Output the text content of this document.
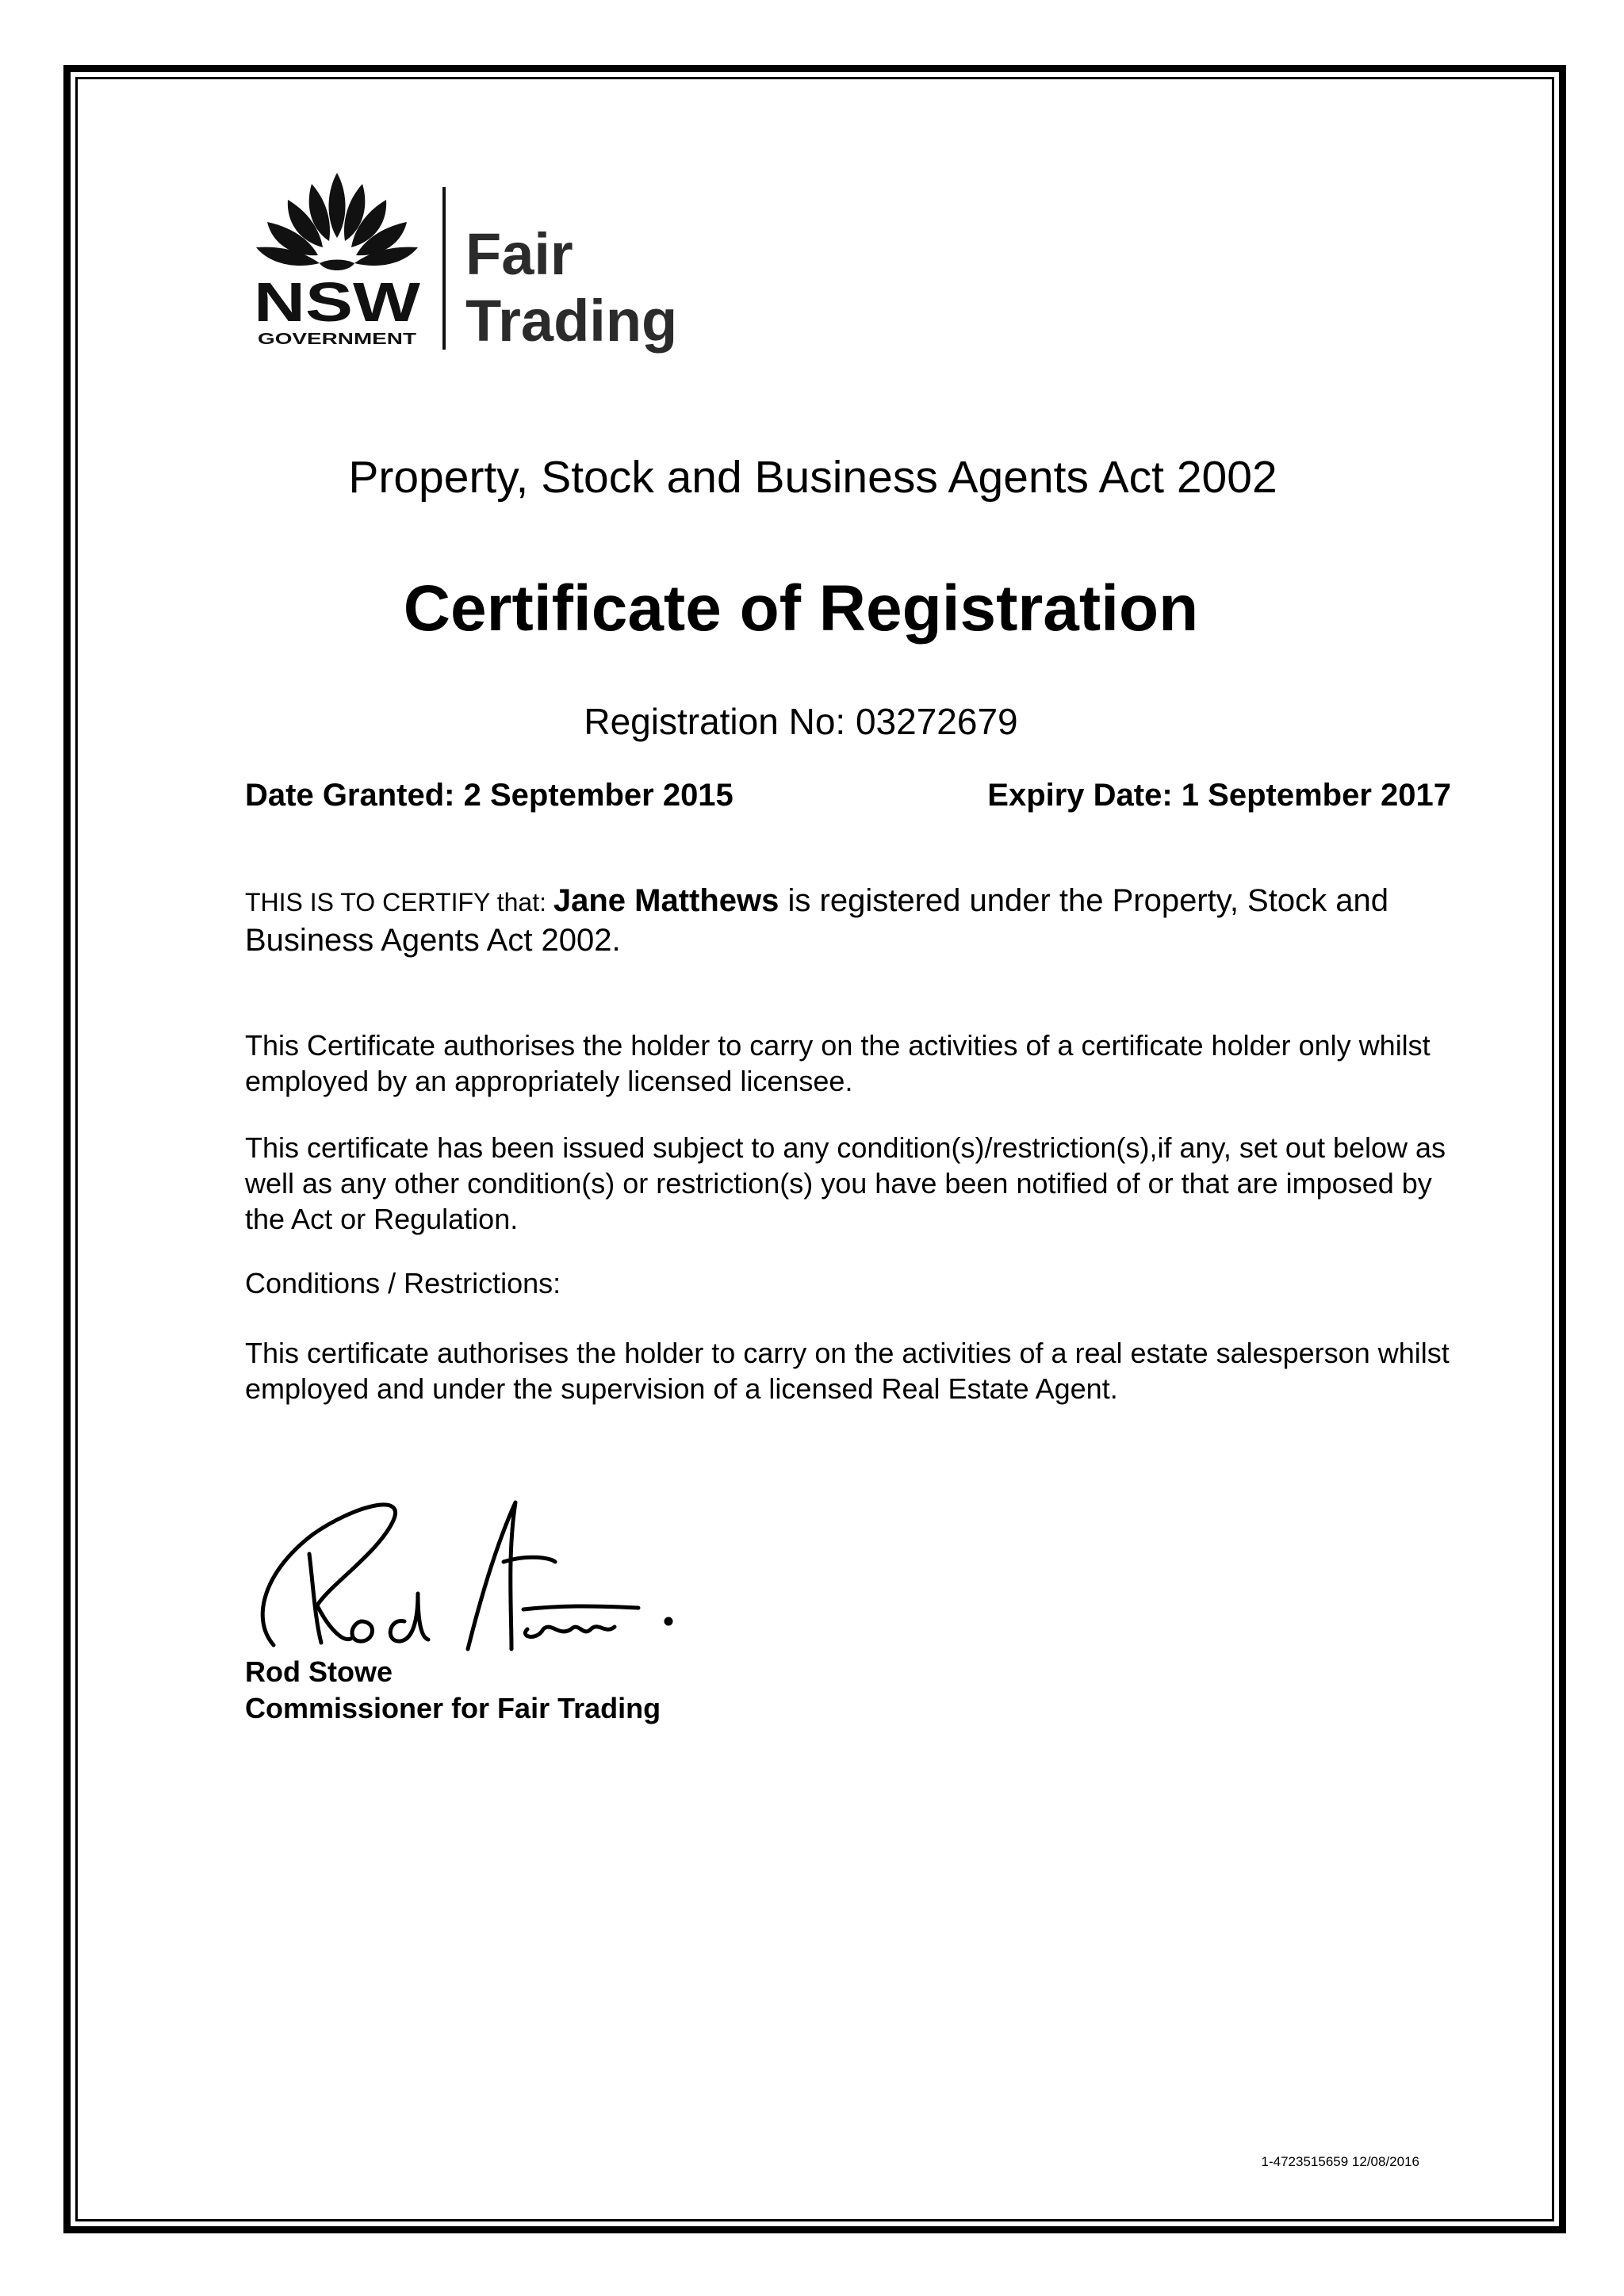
NSW
GOVERNMENT
Fair
Trading
Property, Stock and Business Agents Act 2002
Certificate of Registration
Registration No: 03272679
Date Granted: 2 September 2015	Expiry Date: 1 September 2017
THIS IS TO CERTIFY that: Jane Matthews is registered under the Property, Stock and Business Agents Act 2002.
This Certificate authorises the holder to carry on the activities of a certificate holder only whilst employed by an appropriately licensed licensee.
This certificate has been issued subject to any condition(s)/restriction(s),if any, set out below as well as any other condition(s) or restriction(s) you have been notified of or that are imposed by the Act or Regulation.
Conditions / Restrictions:
This certificate authorises the holder to carry on the activities of a real estate salesperson whilst employed and under the supervision of a licensed Real Estate Agent.
Rod Stowe
Commissioner for Fair Trading
1-4723515659 12/08/2016
